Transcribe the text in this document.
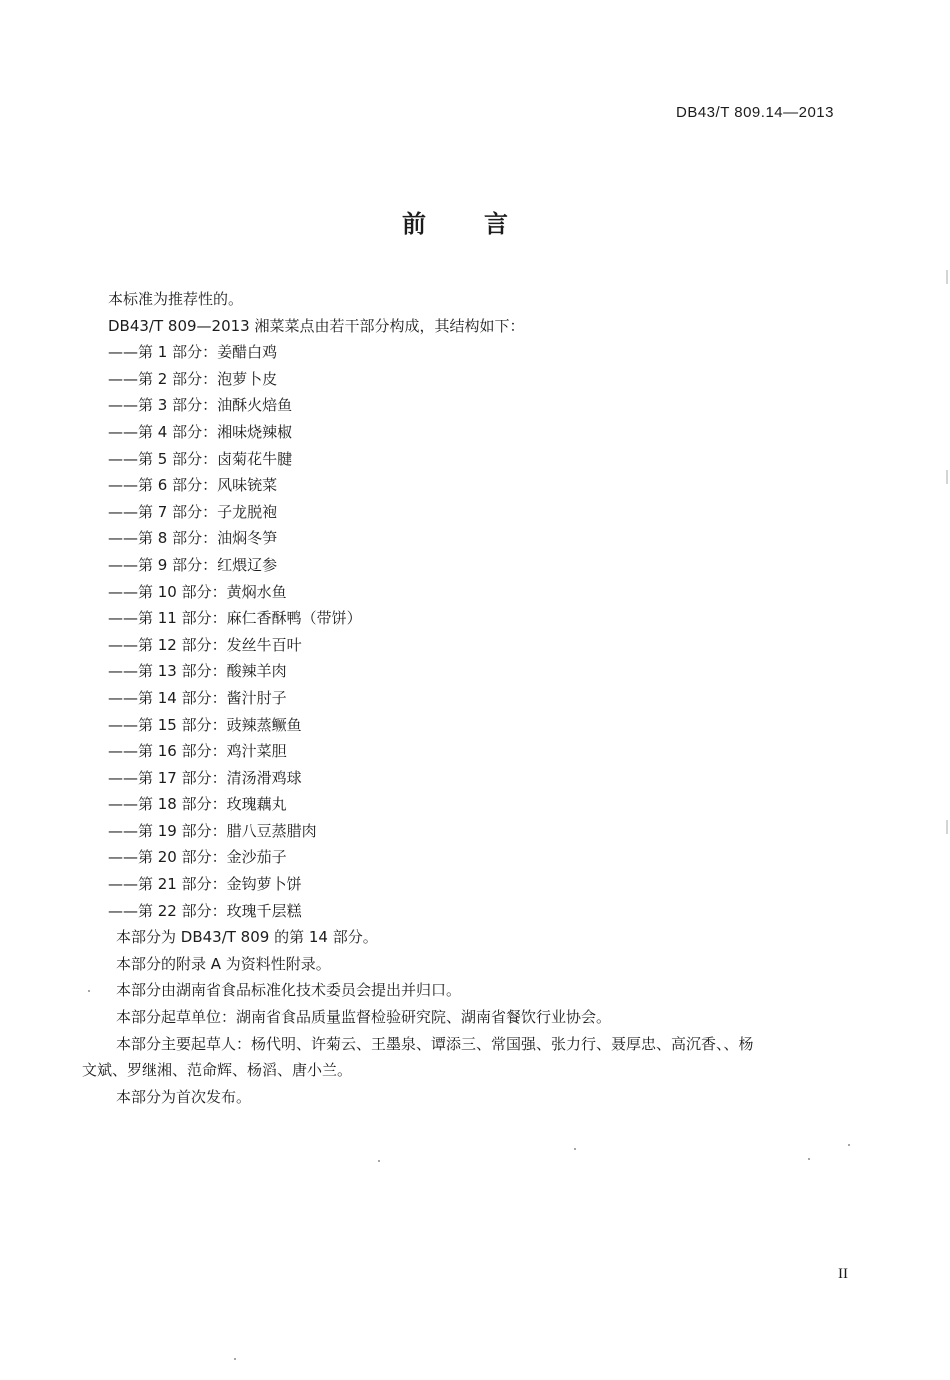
DB43/T 809.14—2013
前言
本标准为推荐性的。
DB43/T 809—2013 湘菜菜点由若干部分构成，其结构如下：
——第 1 部分：姜醋白鸡
——第 2 部分：泡萝卜皮
——第 3 部分：油酥火焙鱼
——第 4 部分：湘味烧辣椒
——第 5 部分：卤菊花牛腱
——第 6 部分：风味铳菜
——第 7 部分：子龙脱袍
——第 8 部分：油焖冬笋
——第 9 部分：红煨辽参
——第 10 部分：黄焖水鱼
——第 11 部分：麻仁香酥鸭（带饼）
——第 12 部分：发丝牛百叶
——第 13 部分：酸辣羊肉
——第 14 部分：酱汁肘子
——第 15 部分：豉辣蒸鳜鱼
——第 16 部分：鸡汁菜胆
——第 17 部分：清汤滑鸡球
——第 18 部分：玫瑰藕丸
——第 19 部分：腊八豆蒸腊肉
——第 20 部分：金沙茄子
——第 21 部分：金钩萝卜饼
——第 22 部分：玫瑰千层糕
本部分为 DB43/T 809 的第 14 部分。
本部分的附录 A 为资料性附录。
本部分由湖南省食品标准化技术委员会提出并归口。
本部分起草单位：湖南省食品质量监督检验研究院、湖南省餐饮行业协会。
本部分主要起草人：杨代明、许菊云、王墨泉、谭添三、常国强、张力行、聂厚忠、高沉香、、杨
文斌、罗继湘、范命辉、杨滔、唐小兰。
本部分为首次发布。
II
